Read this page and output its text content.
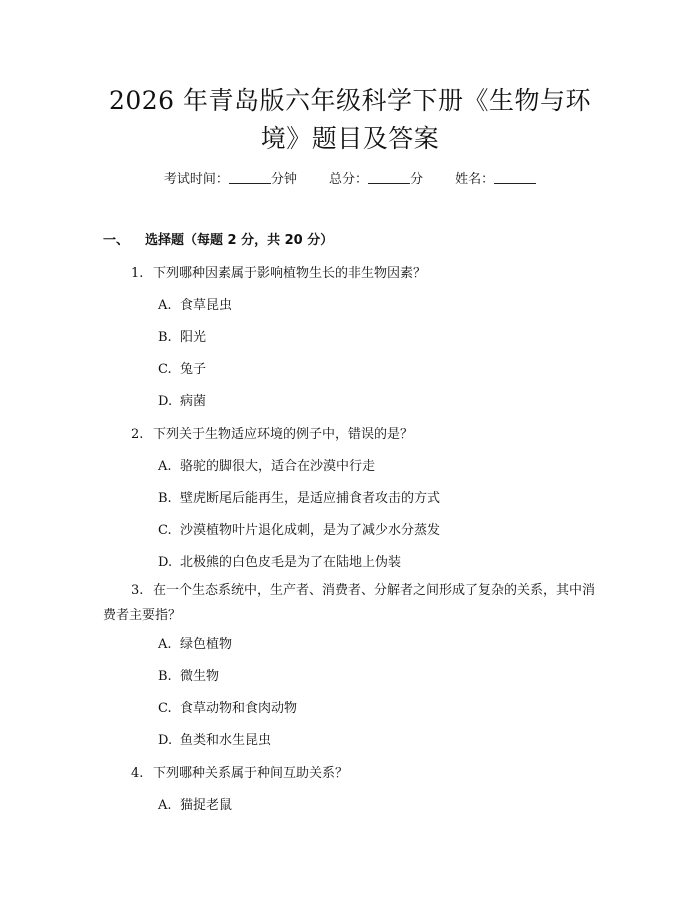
2026 年青岛版六年级科学下册《生物与环
境》题目及答案
考试时间：	分钟 总分：	分 姓名：
一、 选择题（每题 2 分，共 20 分）
1. 下列哪种因素属于影响植物生长的非生物因素？
A. 食草昆虫
B. 阳光
C. 兔子
D. 病菌
2. 下列关于生物适应环境的例子中，错误的是？
A. 骆驼的脚很大，适合在沙漠中行走
B. 壁虎断尾后能再生，是适应捕食者攻击的方式
C. 沙漠植物叶片退化成刺，是为了减少水分蒸发
D. 北极熊的白色皮毛是为了在陆地上伪装
3. 在一个生态系统中，生产者、消费者、分解者之间形成了复杂的关系，其中消费者主要指？
A. 绿色植物
B. 微生物
C. 食草动物和食肉动物
D. 鱼类和水生昆虫
4. 下列哪种关系属于种间互助关系？
A. 猫捉老鼠
